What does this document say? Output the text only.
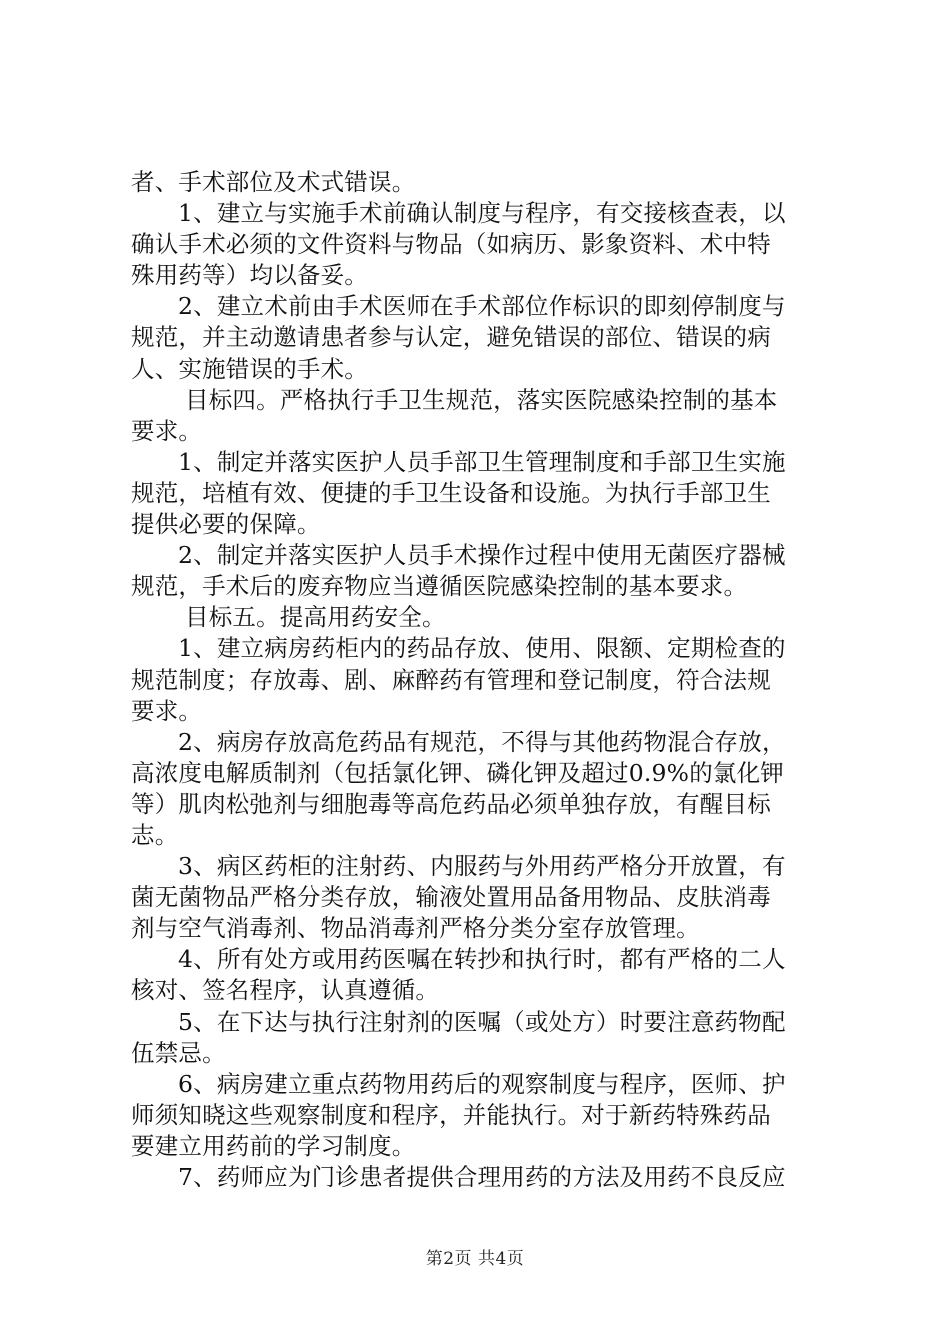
者、手术部位及术式错误。
1、建立与实施手术前确认制度与程序，有交接核查表，以
确认手术必须的文件资料与物品（如病历、影象资料、术中特
殊用药等）均以备妥。
2、建立术前由手术医师在手术部位作标识的即刻停制度与
规范，并主动邀请患者参与认定，避免错误的部位、错误的病
人、实施错误的手术。
目标四。严格执行手卫生规范，落实医院感染控制的基本
要求。
1、制定并落实医护人员手部卫生管理制度和手部卫生实施
规范，培植有效、便捷的手卫生设备和设施。为执行手部卫生
提供必要的保障。
2、制定并落实医护人员手术操作过程中使用无菌医疗器械
规范，手术后的废弃物应当遵循医院感染控制的基本要求。
目标五。提高用药安全。
1、建立病房药柜内的药品存放、使用、限额、定期检查的
规范制度；存放毒、剧、麻醉药有管理和登记制度，符合法规
要求。
2、病房存放高危药品有规范，不得与其他药物混合存放，
高浓度电解质制剂（包括氯化钾、磷化钾及超过0.9%的氯化钾
等）肌肉松弛剂与细胞毒等高危药品必须单独存放，有醒目标
志。
3、病区药柜的注射药、内服药与外用药严格分开放置，有
菌无菌物品严格分类存放，输液处置用品备用物品、皮肤消毒
剂与空气消毒剂、物品消毒剂严格分类分室存放管理。
4、所有处方或用药医嘱在转抄和执行时，都有严格的二人
核对、签名程序，认真遵循。
5、在下达与执行注射剂的医嘱（或处方）时要注意药物配
伍禁忌。
6、病房建立重点药物用药后的观察制度与程序，医师、护
师须知晓这些观察制度和程序，并能执行。对于新药特殊药品
要建立用药前的学习制度。
7、药师应为门诊患者提供合理用药的方法及用药不良反应
第2页 共4页
